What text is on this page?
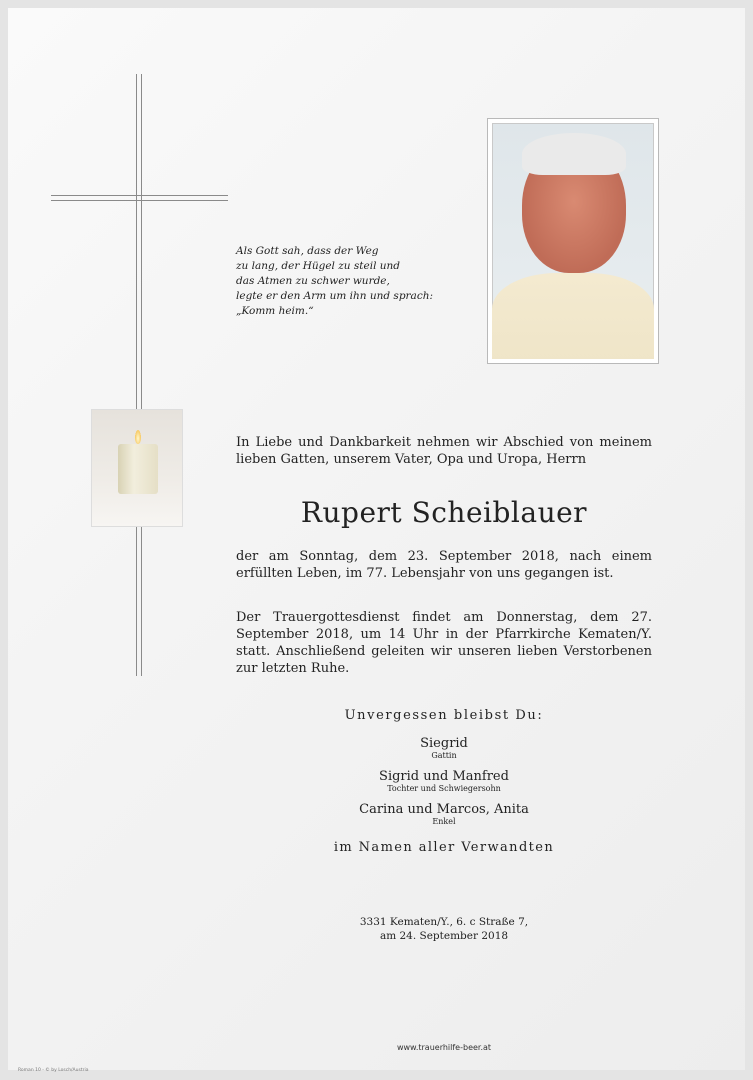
Als Gott sah, dass der Weg
zu lang, der Hügel zu steil und
das Atmen zu schwer wurde,
legte er den Arm um ihn und sprach:
„Komm heim.“
In Liebe und Dankbarkeit nehmen wir Abschied von meinem lieben Gatten, unserem Vater, Opa und Uropa, Herrn
Rupert Scheiblauer
der am Sonntag, dem 23. September 2018, nach einem erfüllten Leben, im 77. Lebensjahr von uns gegangen ist.
Der Trauergottesdienst findet am Donnerstag, dem 27. September 2018, um 14 Uhr in der Pfarrkirche Kematen/Y. statt. Anschließend geleiten wir unseren lieben Verstorbenen zur letzten Ruhe.
Unvergessen bleibst Du:
Siegrid
Gattin
Sigrid und Manfred
Tochter und Schwiegersohn
Carina und Marcos, Anita
Enkel
im Namen aller Verwandten
3331 Kematen/Y., 6. c Straße 7,
am 24. September 2018
www.trauerhilfe-beer.at
Roman 10 - © by Losch/Austria
